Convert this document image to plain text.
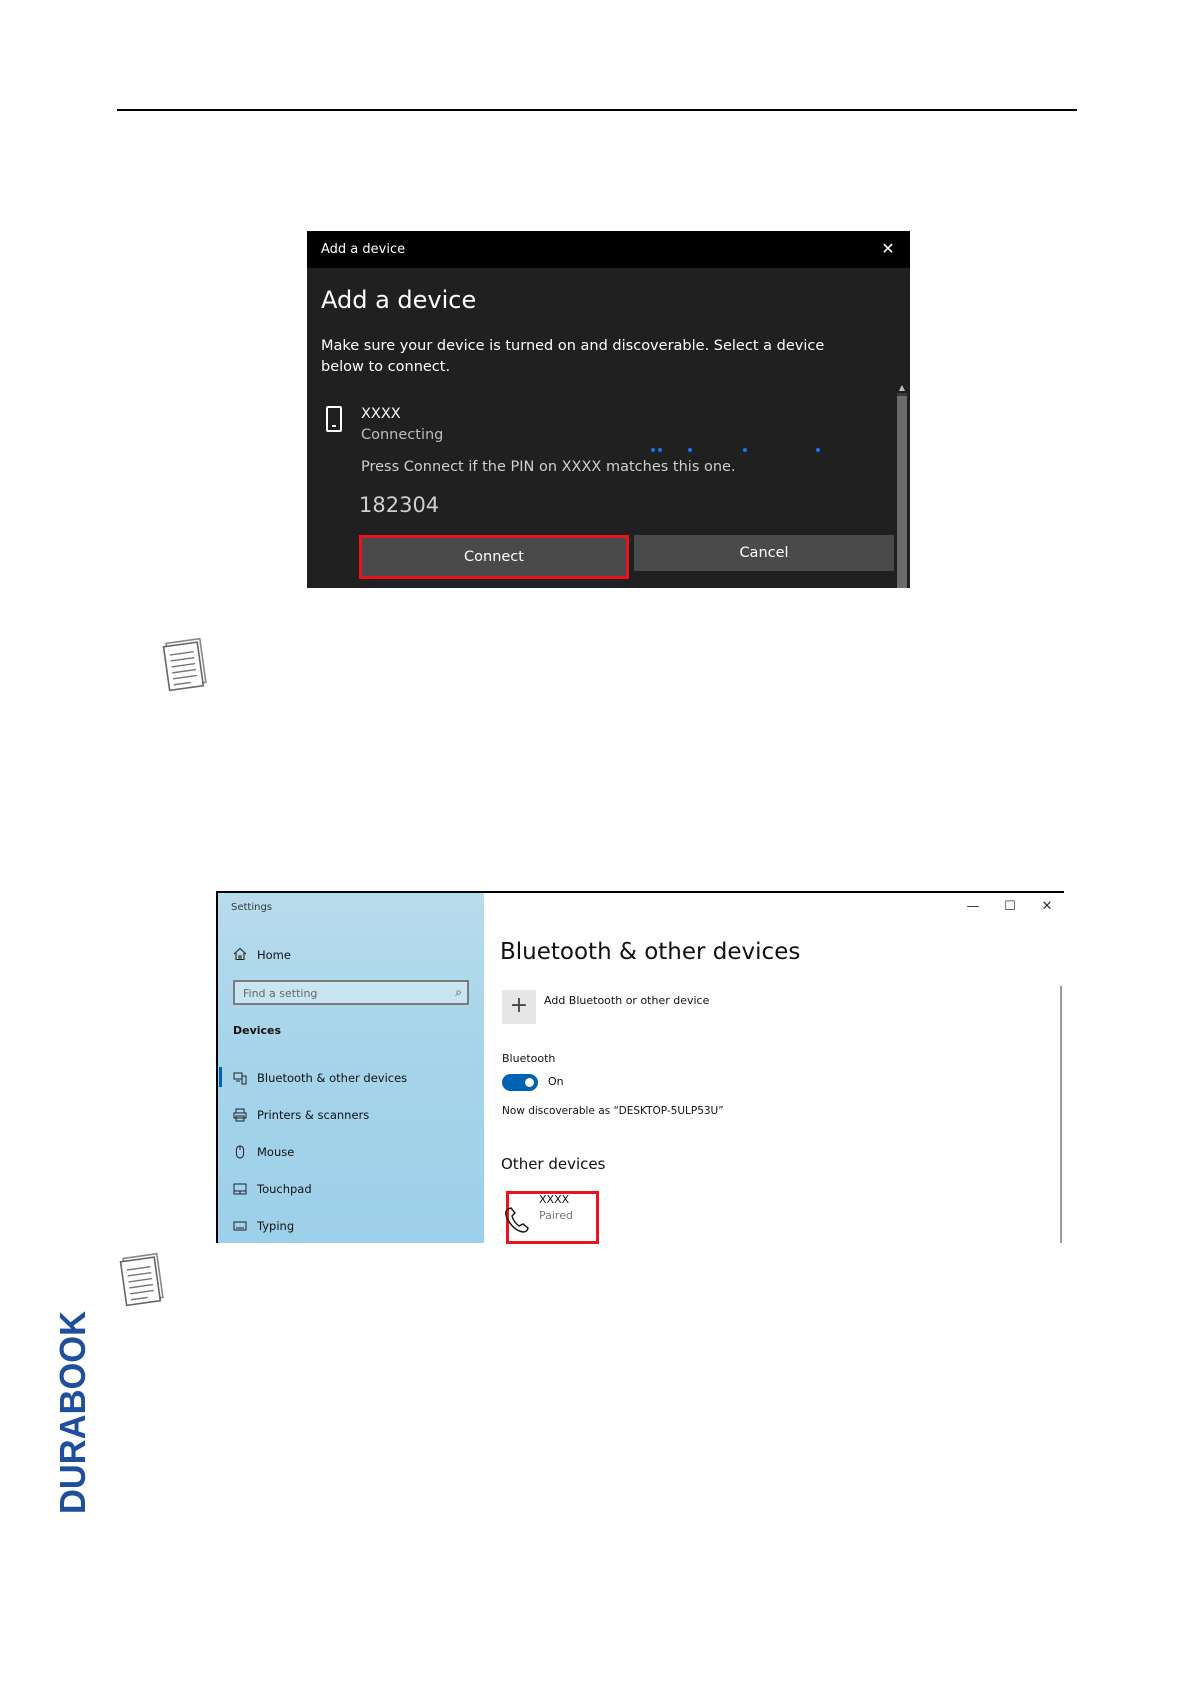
Add a device	✕
Add a device
Make sure your device is turned on and discoverable. Select a device below to connect.
▲
XXXX
Connecting
Press Connect if the PIN on XXXX matches this one.
182304
Connect	Cancel
Settings
Home
Find a setting	⌕
Devices
Bluetooth & other devices
Printers & scanners
Mouse
Touchpad
Typing
—	☐	✕
Bluetooth & other devices
+	Add Bluetooth or other device
Bluetooth
On
Now discoverable as “DESKTOP-5ULP53U”
Other devices
XXXX
Paired
DURABOOK
